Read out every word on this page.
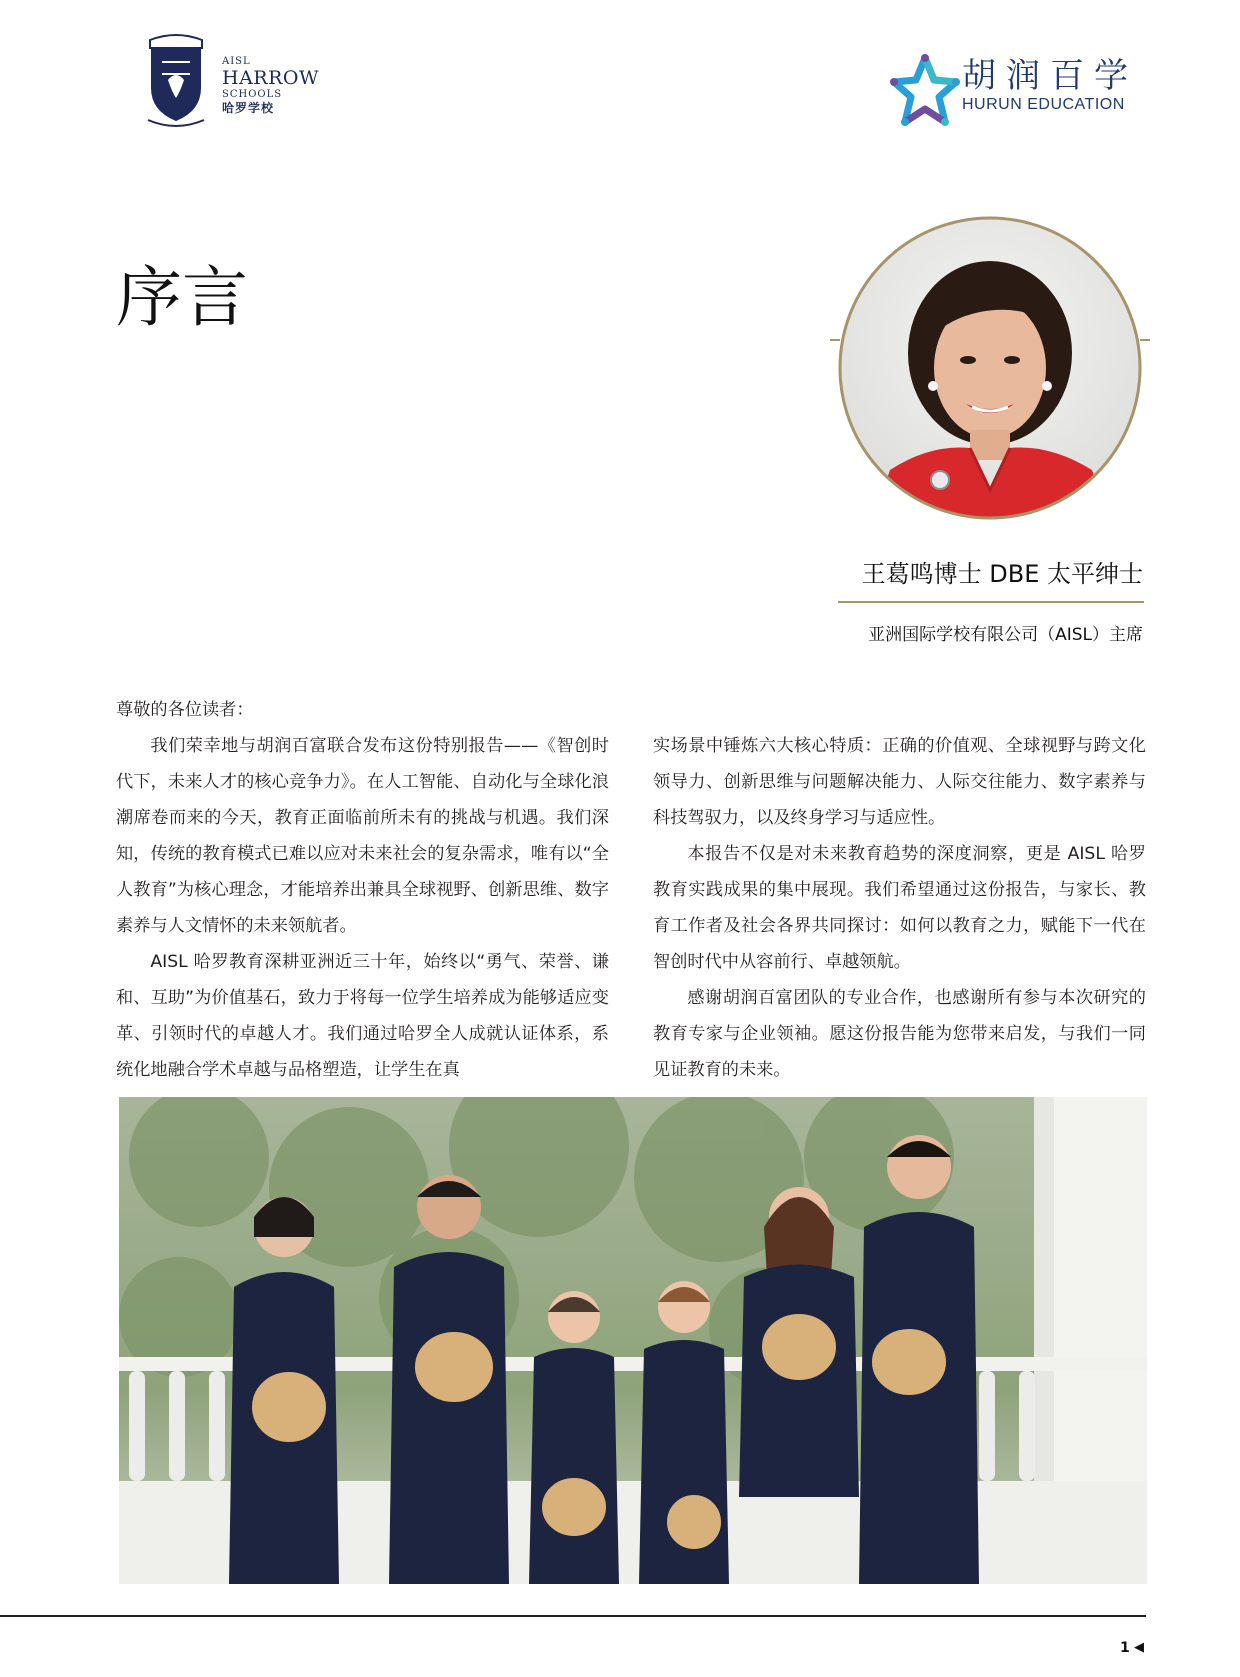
AISL
HARROW
SCHOOLS
哈罗学校
胡润百学
HURUN EDUCATION
序言
王葛鸣博士 DBE 太平绅士
亚洲国际学校有限公司（AISL）主席
尊敬的各位读者：

我们荣幸地与胡润百富联合发布这份特别报告——《智创时代下，未来人才的核心竞争力》。在人工智能、自动化与全球化浪潮席卷而来的今天，教育正面临前所未有的挑战与机遇。我们深知，传统的教育模式已难以应对未来社会的复杂需求，唯有以“全人教育”为核心理念，才能培养出兼具全球视野、创新思维、数字素养与人文情怀的未来领航者。

AISL 哈罗教育深耕亚洲近三十年，始终以“勇气、荣誉、谦和、互助”为价值基石，致力于将每一位学生培养成为能够适应变革、引领时代的卓越人才。我们通过哈罗全人成就认证体系，系统化地融合学术卓越与品格塑造，让学生在真

实场景中锤炼六大核心特质：正确的价值观、全球视野与跨文化领导力、创新思维与问题解决能力、人际交往能力、数字素养与科技驾驭力，以及终身学习与适应性。

本报告不仅是对未来教育趋势的深度洞察，更是 AISL 哈罗教育实践成果的集中展现。我们希望通过这份报告，与家长、教育工作者及社会各界共同探讨：如何以教育之力，赋能下一代在智创时代中从容前行、卓越领航。

感谢胡润百富团队的专业合作，也感谢所有参与本次研究的教育专家与企业领袖。愿这份报告能为您带来启发，与我们一同见证教育的未来。

1 ◀
